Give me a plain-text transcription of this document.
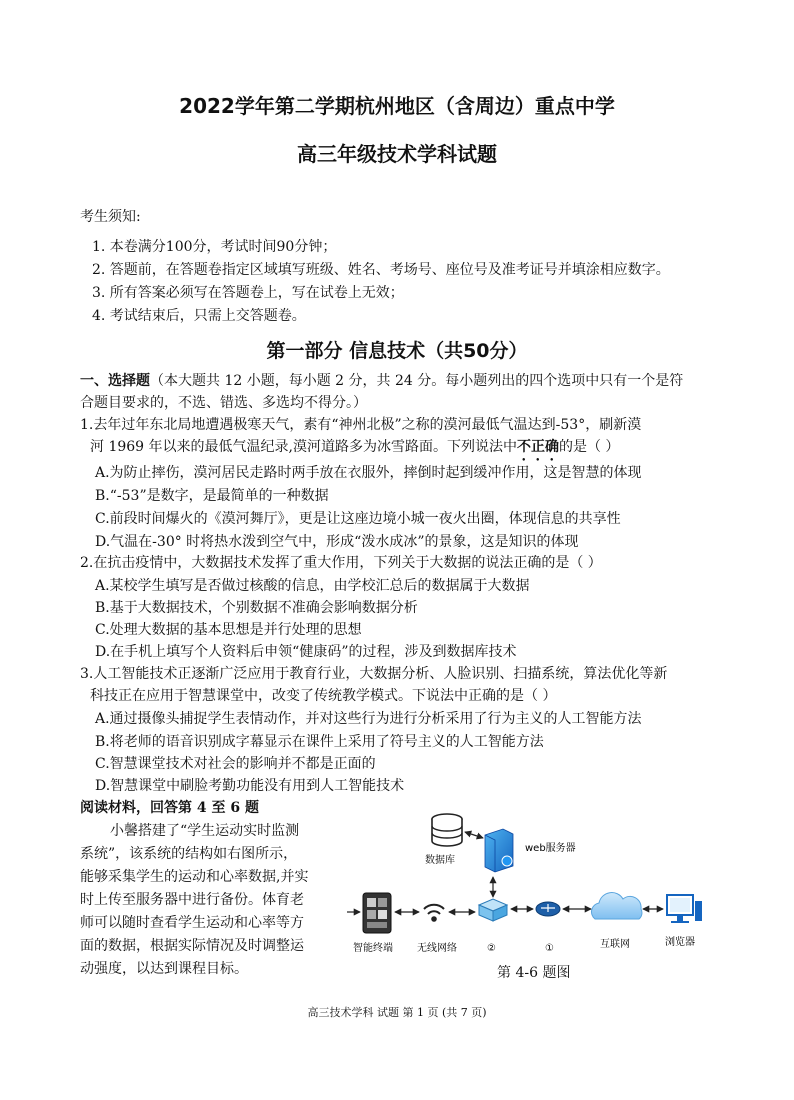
2022学年第二学期杭州地区（含周边）重点中学
高三年级技术学科试题
考生须知:
1. 本卷满分100分，考试时间90分钟；
2. 答题前，在答题卷指定区域填写班级、姓名、考场号、座位号及准考证号并填涂相应数字。
3. 所有答案必须写在答题卷上，写在试卷上无效；
4. 考试结束后，只需上交答题卷。
第一部分 信息技术（共50分）
一、选择题（本大题共 12 小题，每小题 2 分，共 24 分。每小题列出的四个选项中只有一个是符
合题目要求的，不选、错选、多选均不得分。）
1.去年过年东北局地遭遇极寒天气，素有“神州北极”之称的漠河最低气温达到-53°，刷新漠
河 1969 年以来的最低气温纪录,漠河道路多为冰雪路面。下列说法中不正确的是（ ）
A.为防止摔伤，漠河居民走路时两手放在衣服外，摔倒时起到缓冲作用，这是智慧的体现
B.“-53”是数字，是最简单的一种数据
C.前段时间爆火的《漠河舞厅》，更是让这座边境小城一夜火出圈，体现信息的共享性
D.气温在-30° 时将热水泼到空气中，形成“泼水成冰”的景象，这是知识的体现
2.在抗击疫情中，大数据技术发挥了重大作用，下列关于大数据的说法正确的是（ ）
A.某校学生填写是否做过核酸的信息，由学校汇总后的数据属于大数据
B.基于大数据技术，个别数据不准确会影响数据分析
C.处理大数据的基本思想是并行处理的思想
D.在手机上填写个人资料后申领“健康码”的过程，涉及到数据库技术
3.人工智能技术正逐渐广泛应用于教育行业，大数据分析、人脸识别、扫描系统，算法优化等新
科技正在应用于智慧课堂中，改变了传统教学模式。下说法中正确的是（ ）
A.通过摄像头捕捉学生表情动作，并对这些行为进行分析采用了行为主义的人工智能方法
B.将老师的语音识别成字幕显示在课件上采用了符号主义的人工智能方法
C.智慧课堂技术对社会的影响并不都是正面的
D.智慧课堂中刷脸考勤功能没有用到人工智能技术
阅读材料，回答第 4 至 6 题
小馨搭建了“学生运动实时监测
系统”，该系统的结构如右图所示，
能够采集学生的运动和心率数据,并实
时上传至服务器中进行备份。体育老
师可以随时查看学生运动和心率等方
面的数据，根据实际情况及时调整运
动强度，以达到课程目标。
数据库
web服务器
智能终端 无线网络	②	①	互联网	浏览器
第 4-6 题图
高三技术学科 试题 第 1 页 (共 7 页)
